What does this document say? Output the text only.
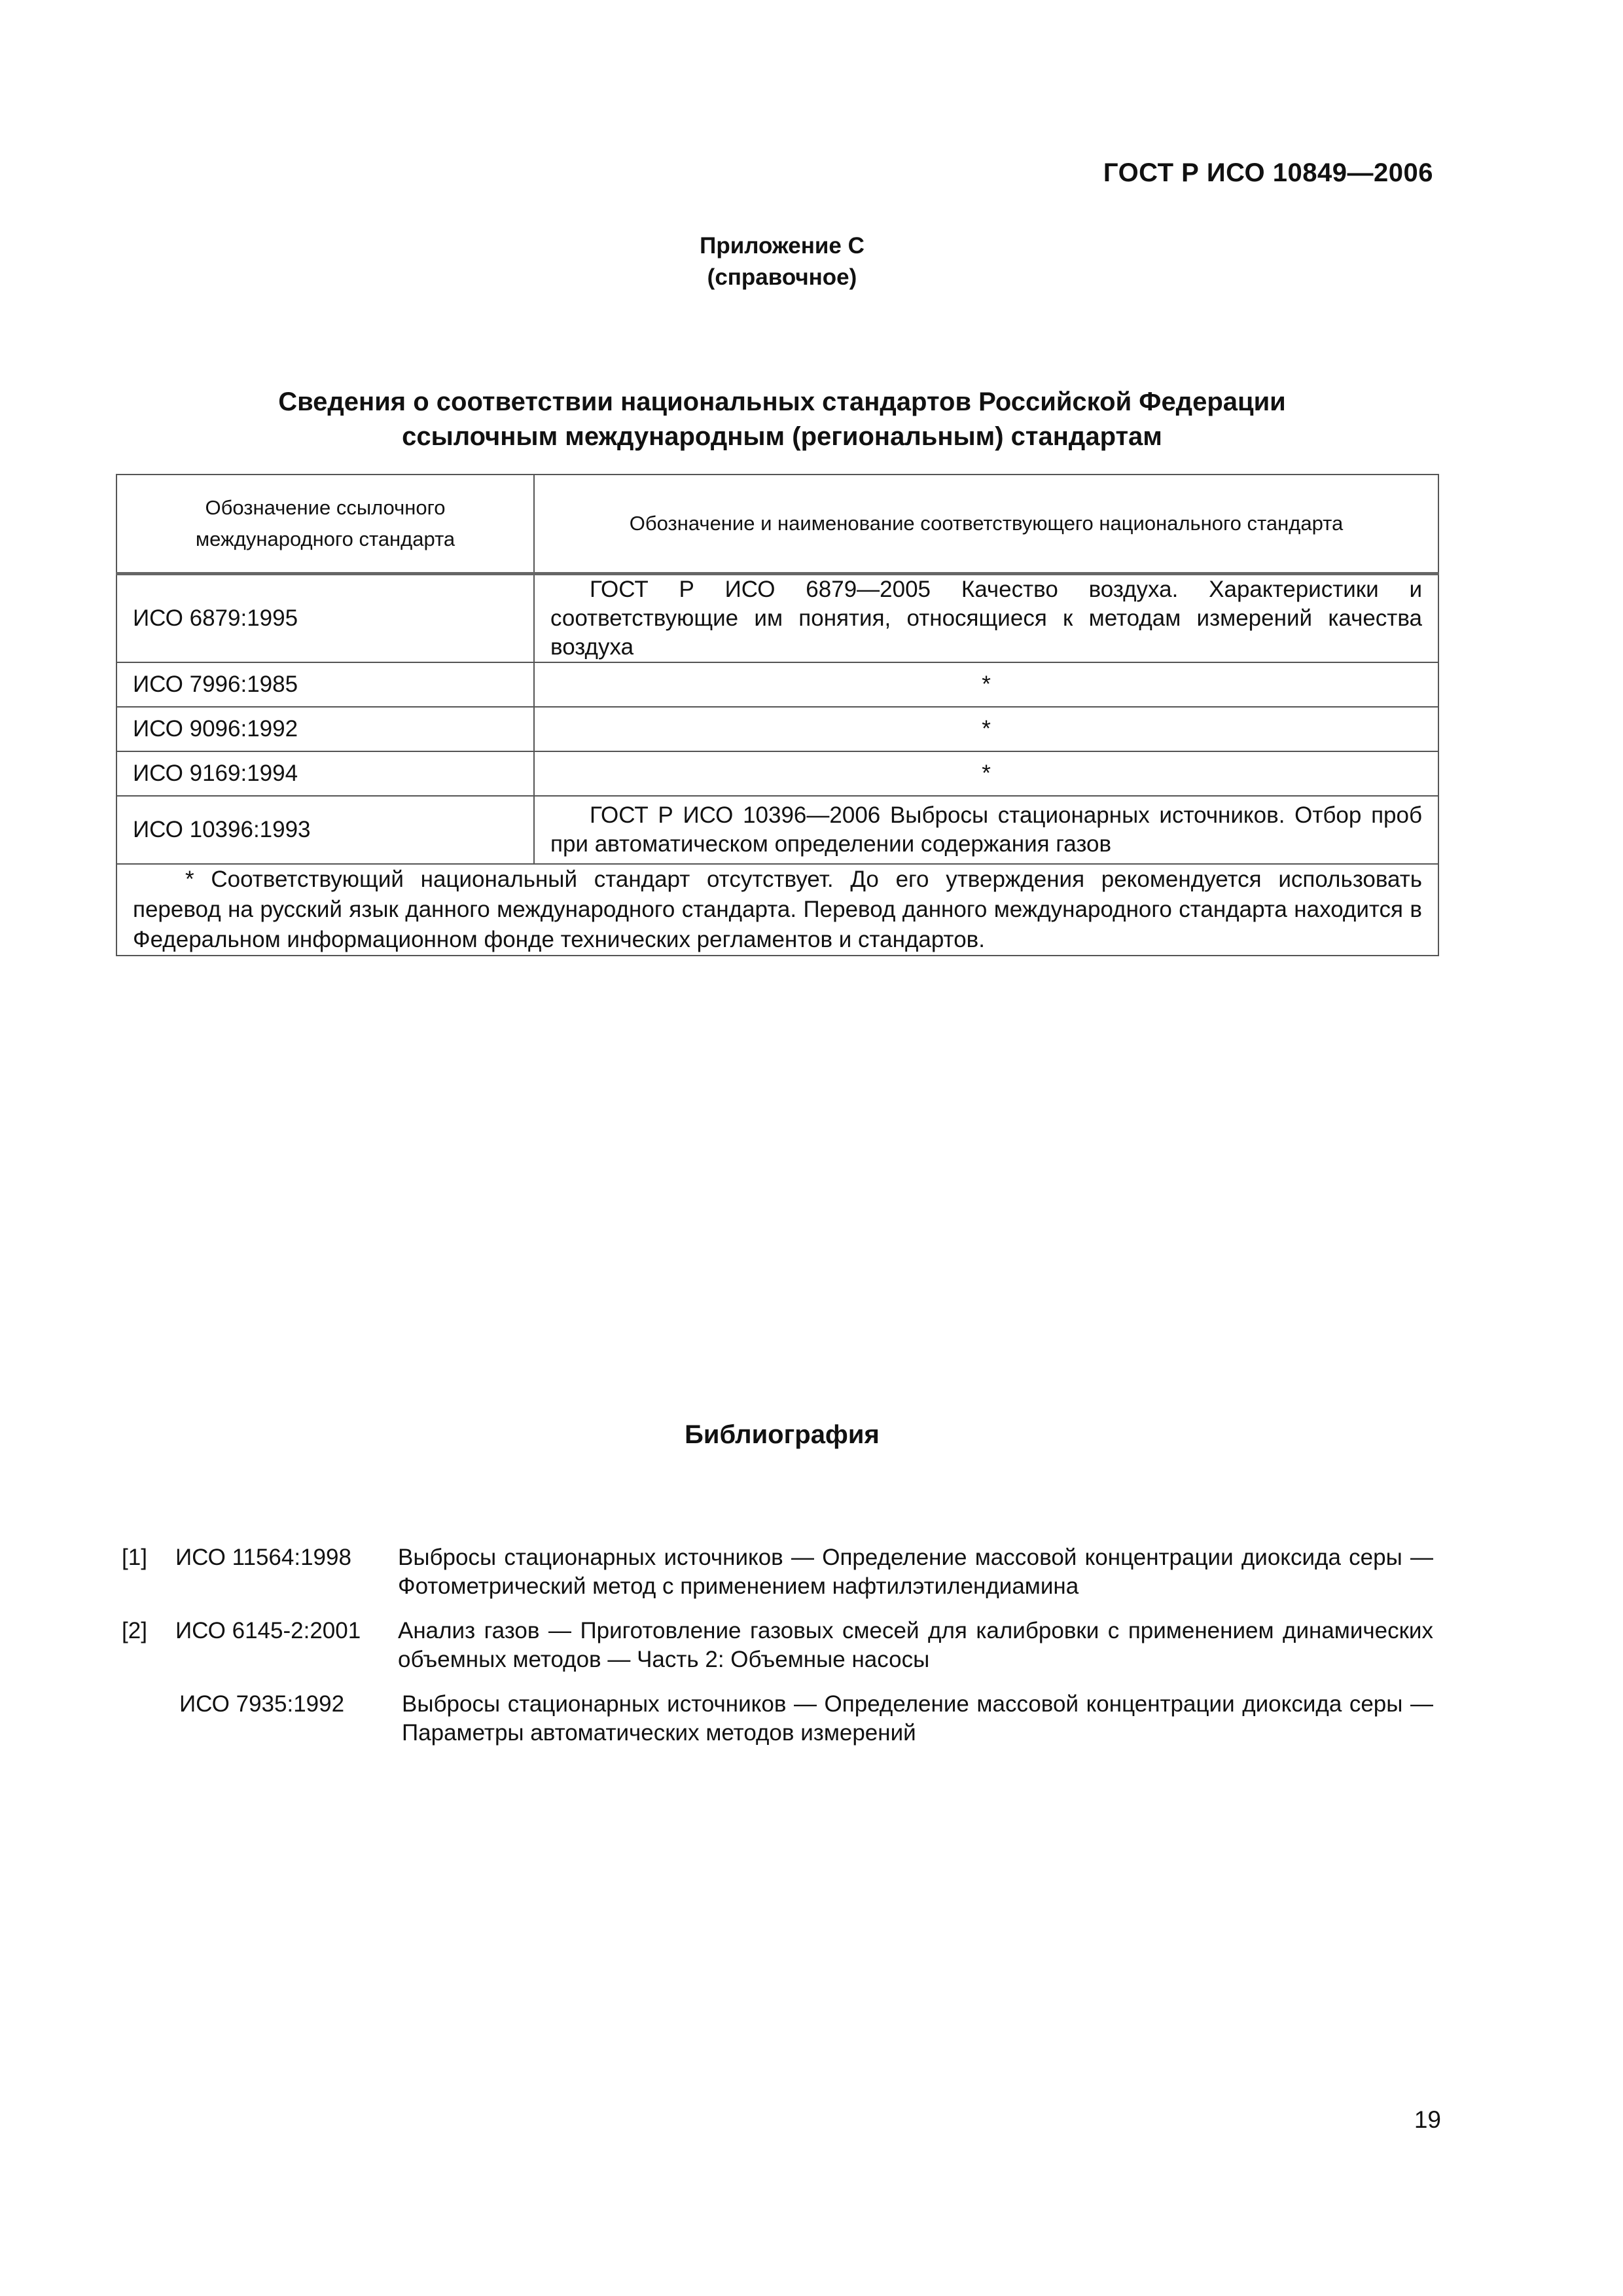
ГОСТ Р ИСО 10849—2006
Приложение С
(справочное)
Сведения о соответствии национальных стандартов Российской Федерации
ссылочным международным (региональным) стандартам
Обозначение ссылочного международного стандарта	Обозначение и наименование соответствующего национального стандарта
ИСО 6879:1995	ГОСТ Р ИСО 6879—2005 Качество воздуха. Характеристики и соответствующие им понятия, относящиеся к методам измерений качества воздуха
ИСО 7996:1985	*
ИСО 9096:1992	*
ИСО 9169:1994	*
ИСО 10396:1993	ГОСТ Р ИСО 10396—2006 Выбросы стационарных источников. Отбор проб при автоматическом определении содержания газов
* Соответствующий национальный стандарт отсутствует. До его утверждения рекомендуется использовать перевод на русский язык данного международного стандарта. Перевод данного международного стандарта находится в Федеральном информационном фонде технических регламентов и стандартов.	
Библиография
[1]	ИСО 11564:1998	Выбросы стационарных источников — Определение массовой концентрации диоксида серы — Фотометрический метод с применением нафтилэтилендиамина
[2]	ИСО 6145-2:2001	Анализ газов — Приготовление газовых смесей для калибровки с применением динамических объемных методов — Часть 2: Объемные насосы
ИСО 7935:1992	Выбросы стационарных источников — Определение массовой концентрации диоксида серы — Параметры автоматических методов измерений
19
